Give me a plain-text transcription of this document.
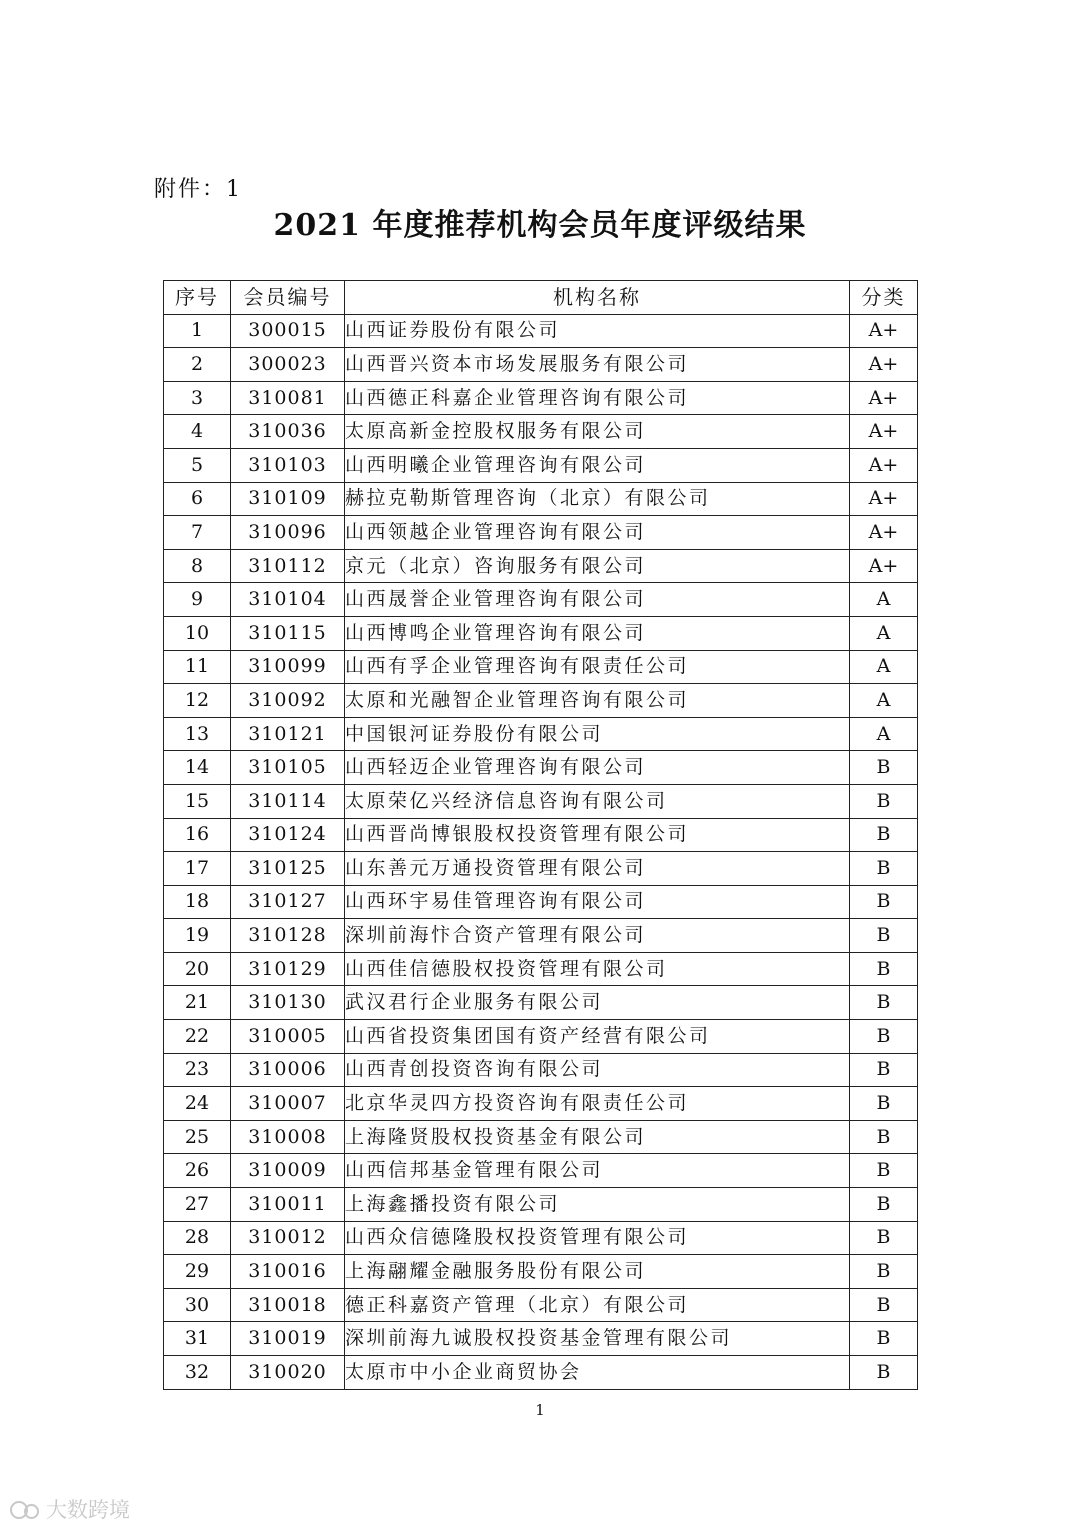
附件：1
2021 年度推荐机构会员年度评级结果
序号	会员编号	机构名称	分类
1	300015	山西证券股份有限公司	A+
2	300023	山西晋兴资本市场发展服务有限公司	A+
3	310081	山西德正科嘉企业管理咨询有限公司	A+
4	310036	太原高新金控股权服务有限公司	A+
5	310103	山西明曦企业管理咨询有限公司	A+
6	310109	赫拉克勒斯管理咨询（北京）有限公司	A+
7	310096	山西领越企业管理咨询有限公司	A+
8	310112	京元（北京）咨询服务有限公司	A+
9	310104	山西晟誉企业管理咨询有限公司	A
10	310115	山西博鸣企业管理咨询有限公司	A
11	310099	山西有孚企业管理咨询有限责任公司	A
12	310092	太原和光融智企业管理咨询有限公司	A
13	310121	中国银河证券股份有限公司	A
14	310105	山西轻迈企业管理咨询有限公司	B
15	310114	太原荣亿兴经济信息咨询有限公司	B
16	310124	山西晋尚博银股权投资管理有限公司	B
17	310125	山东善元万通投资管理有限公司	B
18	310127	山西环宇易佳管理咨询有限公司	B
19	310128	深圳前海忭合资产管理有限公司	B
20	310129	山西佳信德股权投资管理有限公司	B
21	310130	武汉君行企业服务有限公司	B
22	310005	山西省投资集团国有资产经营有限公司	B
23	310006	山西青创投资咨询有限公司	B
24	310007	北京华灵四方投资咨询有限责任公司	B
25	310008	上海隆贤股权投资基金有限公司	B
26	310009	山西信邦基金管理有限公司	B
27	310011	上海鑫播投资有限公司	B
28	310012	山西众信德隆股权投资管理有限公司	B
29	310016	上海翮耀金融服务股份有限公司	B
30	310018	德正科嘉资产管理（北京）有限公司	B
31	310019	深圳前海九诚股权投资基金管理有限公司	B
32	310020	太原市中小企业商贸协会	B
1
大数跨境
